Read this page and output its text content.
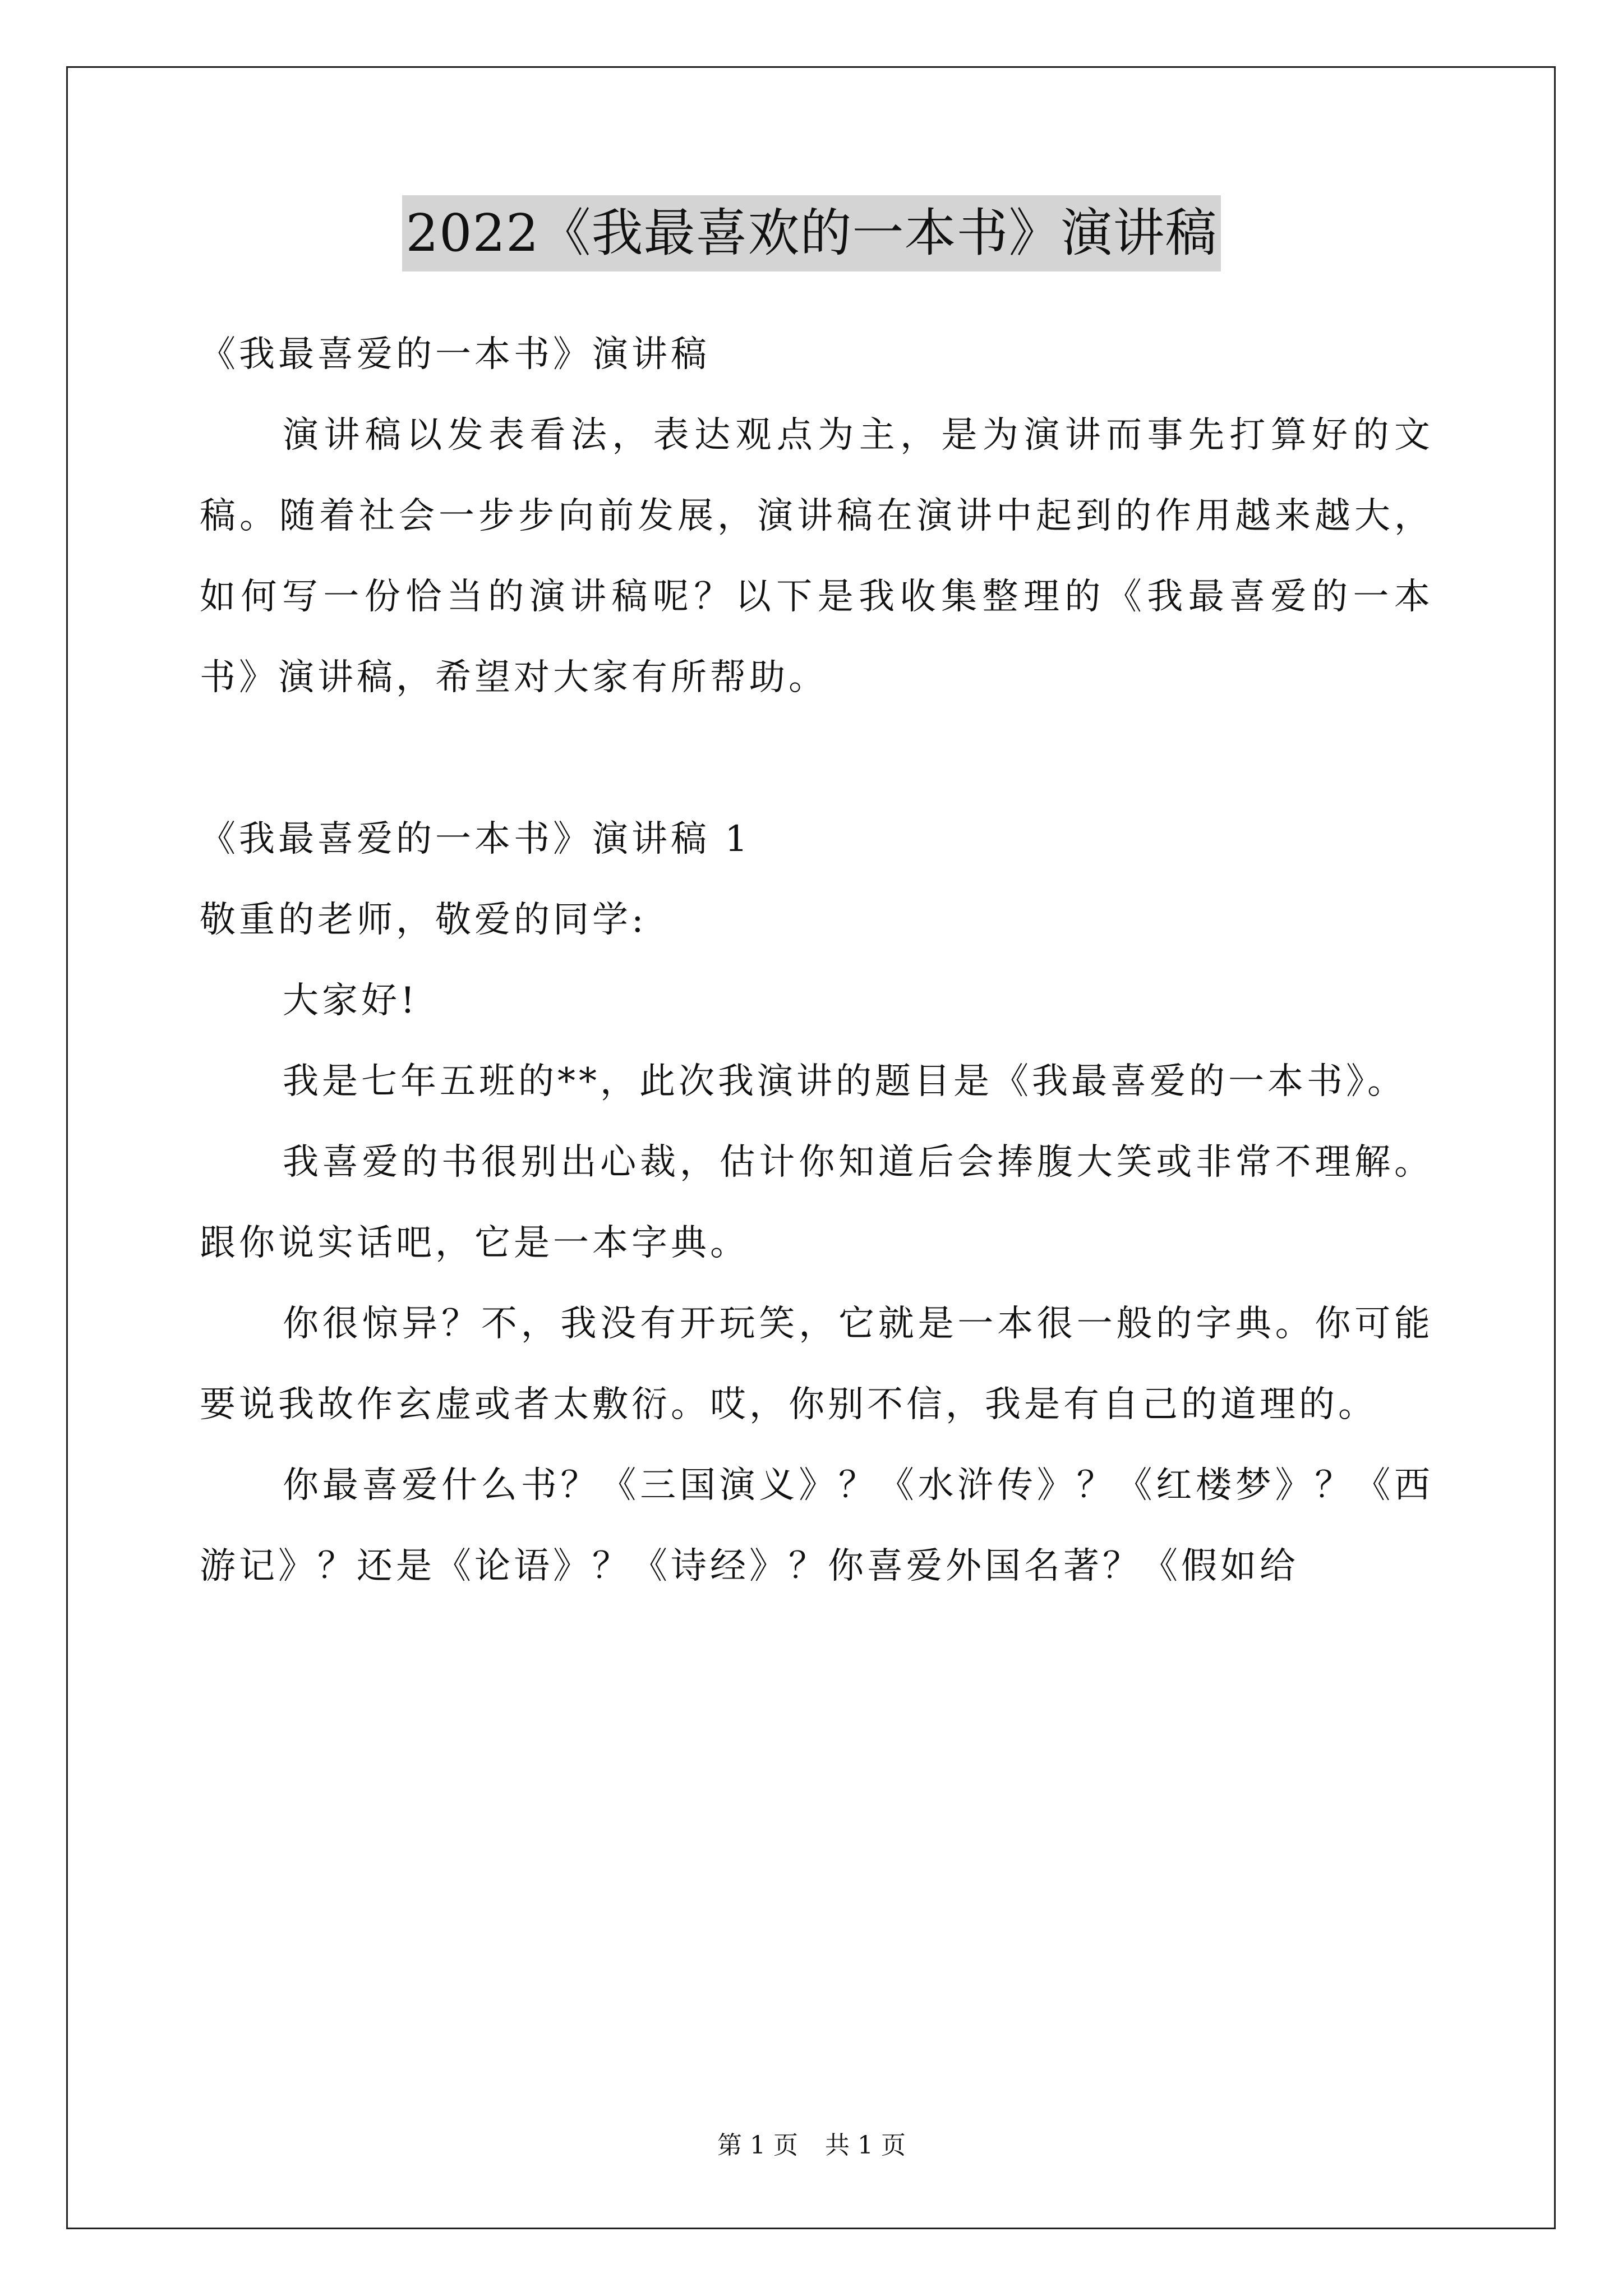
2022《我最喜欢的一本书》演讲稿

《我最喜爱的一本书》演讲稿

演讲稿以发表看法，表达观点为主，是为演讲而事先打算好的文稿。随着社会一步步向前发展，演讲稿在演讲中起到的作用越来越大，如何写一份恰当的演讲稿呢？以下是我收集整理的《我最喜爱的一本书》演讲稿，希望对大家有所帮助。

《我最喜爱的一本书》演讲稿 1

敬重的老师，敬爱的同学:

大家好!

我是七年五班的**，此次我演讲的题目是《我最喜爱的一本书》。

我喜爱的书很别出心裁，估计你知道后会捧腹大笑或非常不理解。跟你说实话吧，它是一本字典。

你很惊异？不，我没有开玩笑，它就是一本很一般的字典。你可能要说我故作玄虚或者太敷衍。哎，你别不信，我是有自己的道理的。

你最喜爱什么书？《三国演义》？《水浒传》？《红楼梦》？《西游记》？还是《论语》？《诗经》？你喜爱外国名著？《假如给

第 1 页 共 1 页
